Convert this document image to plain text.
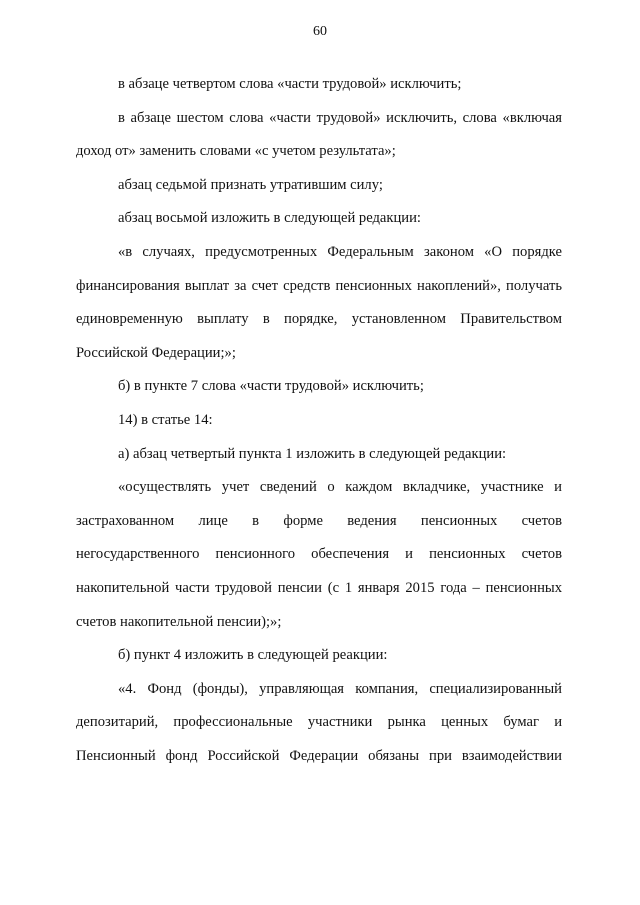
60

в абзаце четвертом слова «части трудовой» исключить;

в абзаце шестом слова «части трудовой» исключить, слова «включая доход от» заменить словами «с учетом результата»;

абзац седьмой признать утратившим силу;

абзац восьмой изложить в следующей редакции:

«в случаях, предусмотренных Федеральным законом «О порядке финансирования выплат за счет средств пенсионных накоплений», получать единовременную выплату в порядке, установленном Правительством Российской Федерации;»;

б) в пункте 7 слова «части трудовой» исключить;

14) в статье 14:

а) абзац четвертый пункта 1 изложить в следующей редакции:

«осуществлять учет сведений о каждом вкладчике, участнике и застрахованном лице в форме ведения пенсионных счетов негосударственного пенсионного обеспечения и пенсионных счетов накопительной части трудовой пенсии (с 1 января 2015 года – пенсионных счетов накопительной пенсии);»;

б) пункт 4 изложить в следующей реакции:

«4. Фонд (фонды), управляющая компания, специализированный депозитарий, профессиональные участники рынка ценных бумаг и Пенсионный фонд Российской Федерации обязаны при взаимодействии
